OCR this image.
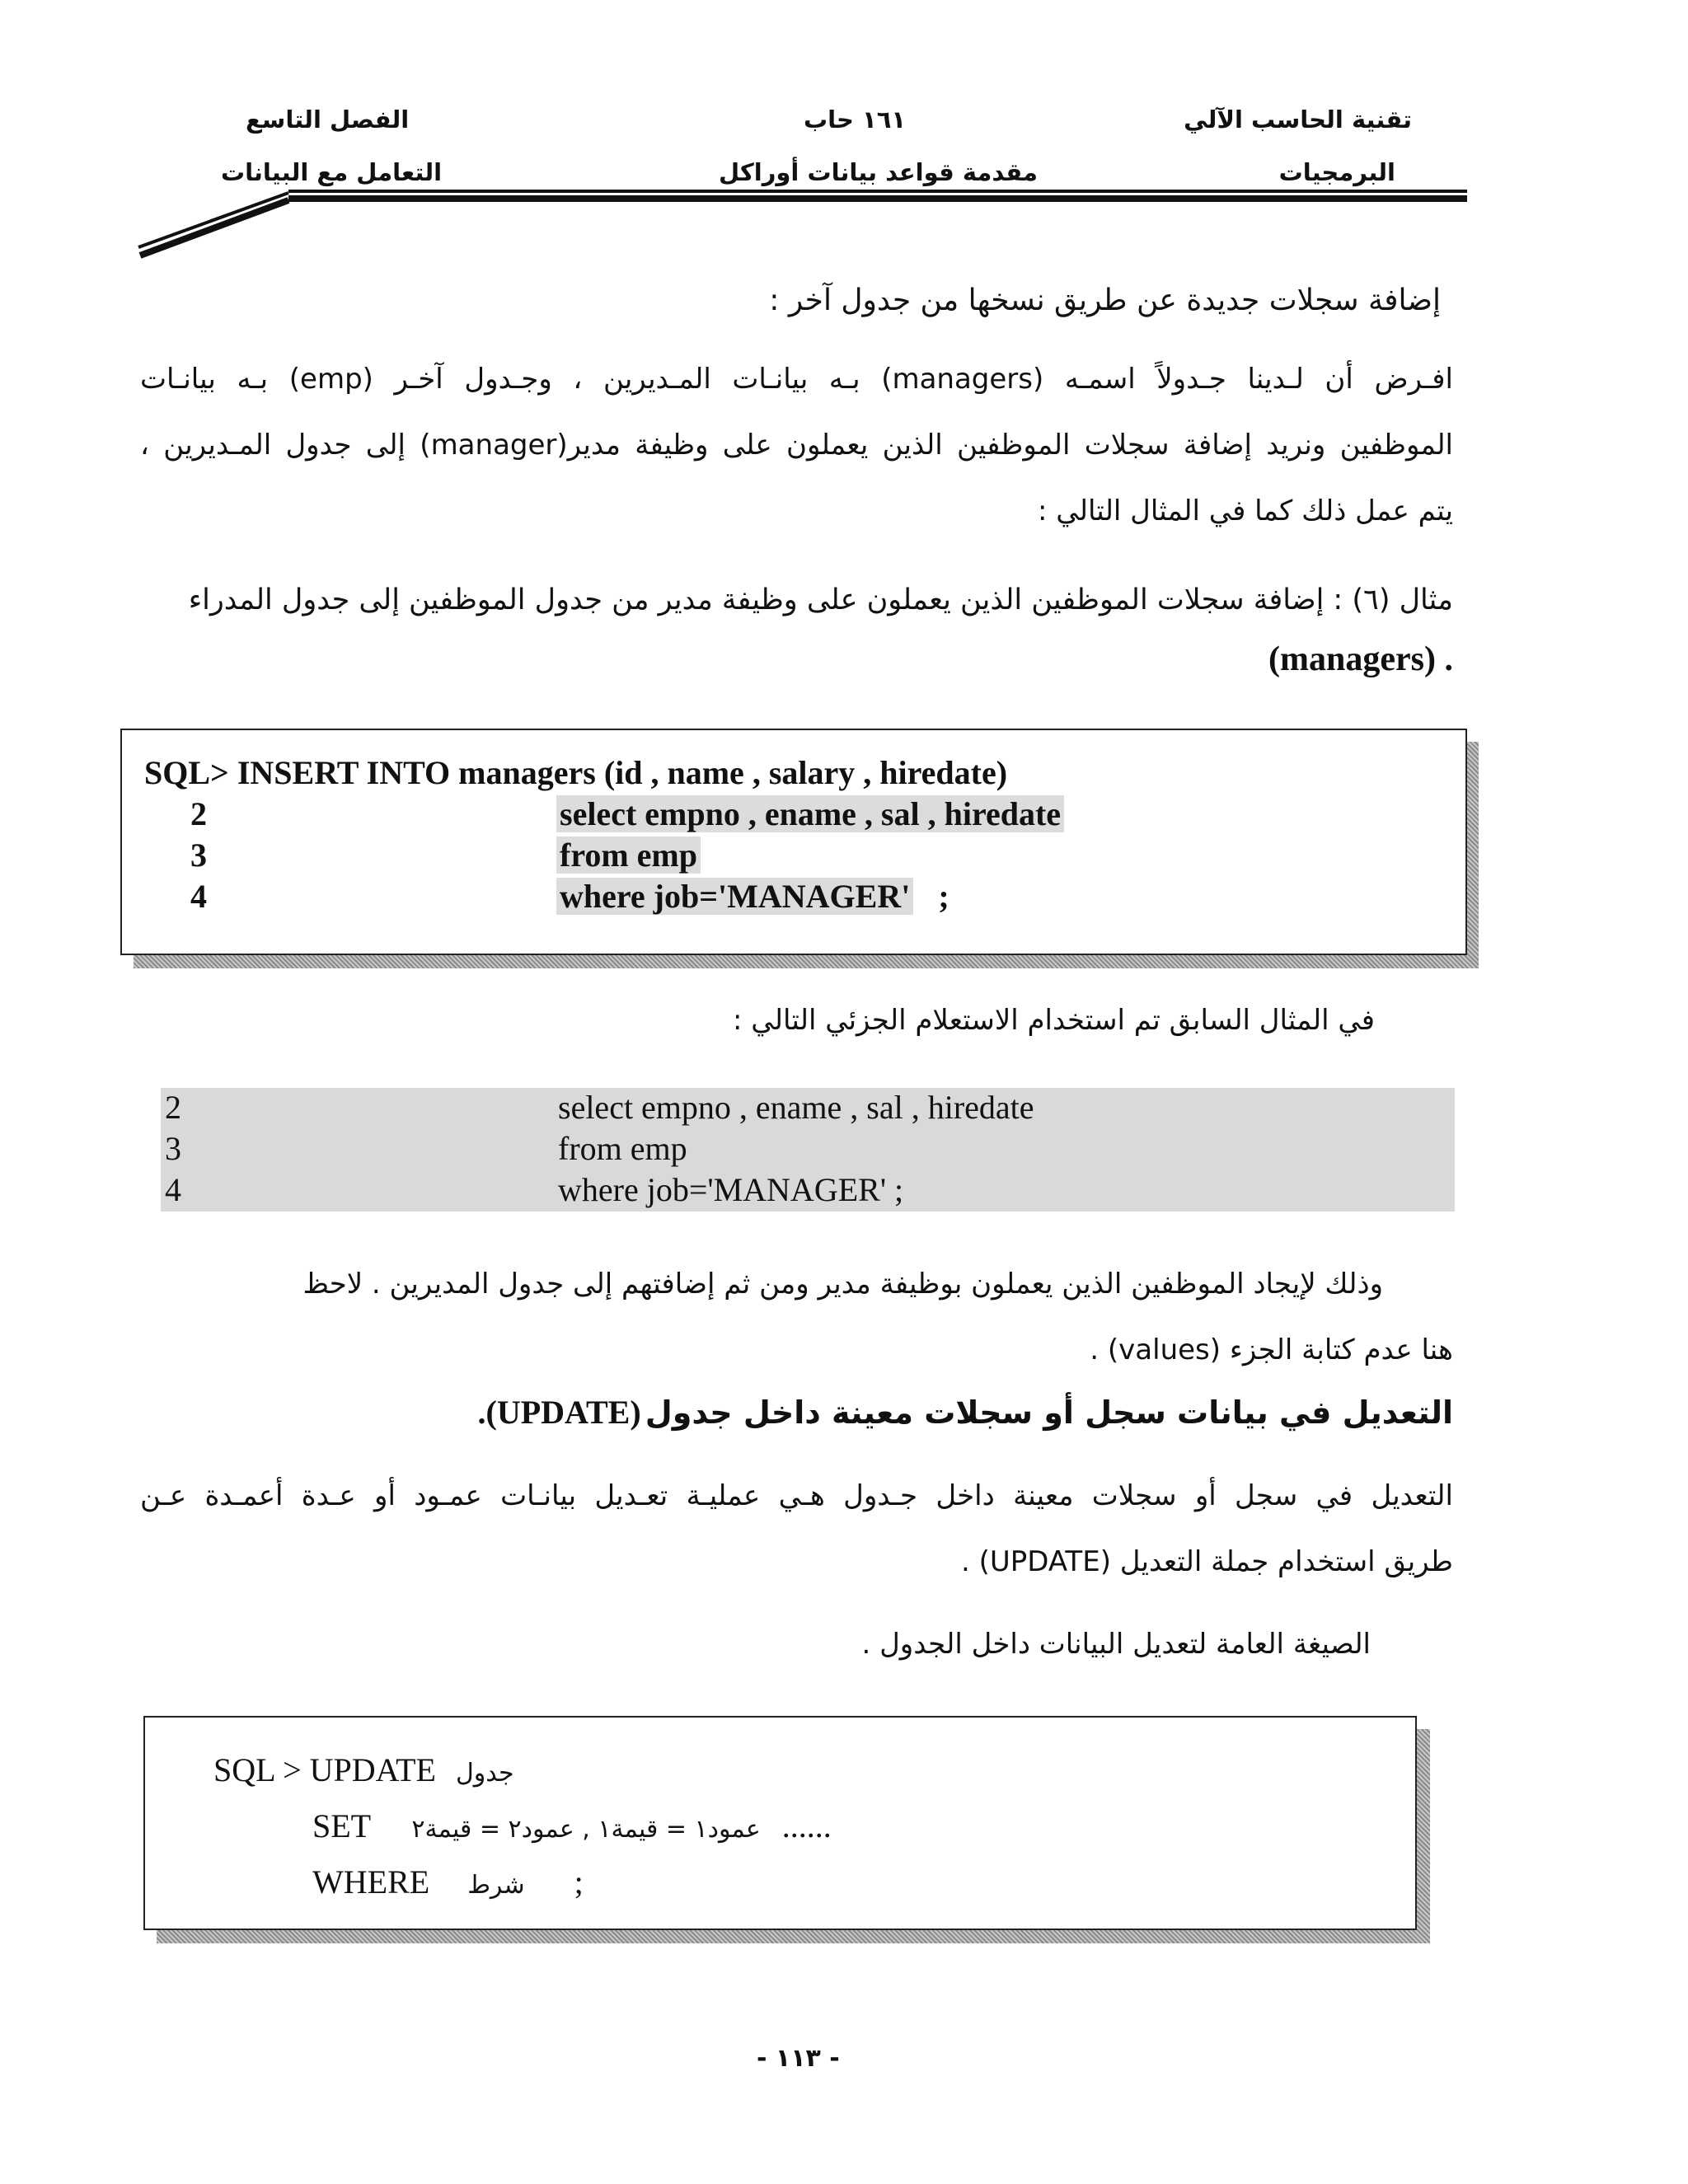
تقنية الحاسب الآلي
البرمجيات
١٦١ حاب
مقدمة قواعد بيانات أوراكل
الفصل التاسع
التعامل مع البيانات
إضافة سجلات جديدة عن طريق نسخها من جدول آخر :

افـرض أن لـدينا جـدولاً اسمـه (managers) بـه بيانـات المـديرين ، وجـدول آخـر (emp) بـه بيانـات

الموظفين ونريد إضافة سجلات الموظفين الذين يعملون على وظيفة مدير(manager) إلى جدول المـديرين ،

يتم عمل ذلك كما في المثال التالي :

مثال (٦) : إضافة سجلات الموظفين الذين يعملون على وظيفة مدير من جدول الموظفين إلى جدول المدراء
. (managers)
SQL> INSERT INTO managers (id , name , salary , hiredate)
2	select empno , ename , sal , hiredate
3	from emp
4	where job='MANAGER' ;
في المثال السابق تم استخدام الاستعلام الجزئي التالي :
2	select empno , ename , sal , hiredate
3	from emp
4	where job='MANAGER' ;
وذلك لإيجاد الموظفين الذين يعملون بوظيفة مدير ومن ثم إضافتهم إلى جدول المديرين . لاحظ
هنا عدم كتابة الجزء (values) .
التعديل في بيانات سجل أو سجلات معينة داخل جدول (UPDATE).

التعديل في سجل أو سجلات معينة داخل جـدول هـي عمليـة تعـديل بيانـات عمـود أو عـدة أعمـدة عـن

طريق استخدام جملة التعديل (UPDATE) .

الصيغة العامة لتعديل البيانات داخل الجدول .
SQL > UPDATE جدول
SET عمود١ = قيمة١ , عمود٢ = قيمة٢ ......
WHERE شرط ;
- ١١٣ -
